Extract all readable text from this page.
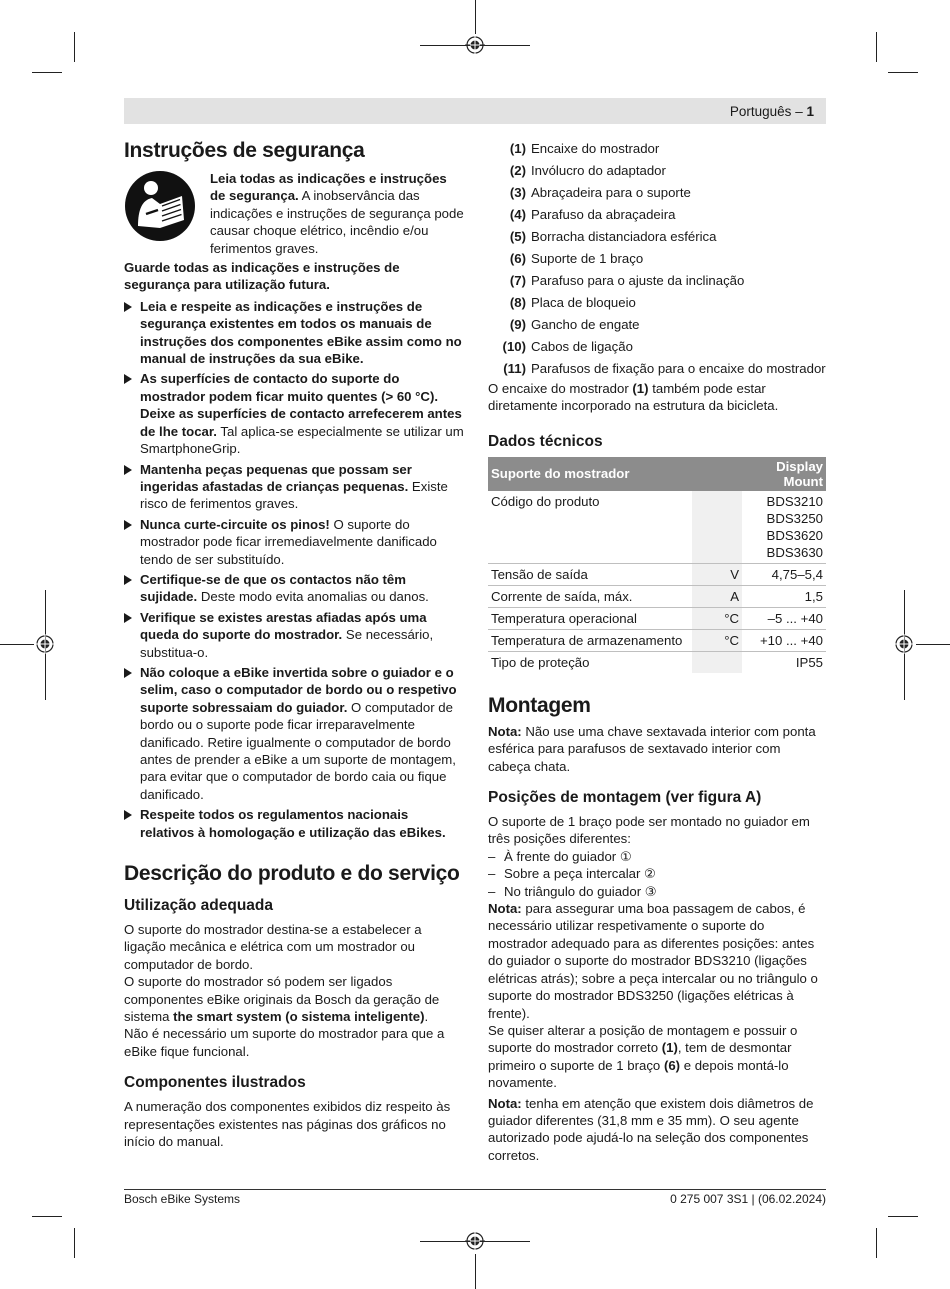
Português – 1
Instruções de segurança

Leia todas as indicações e instruções de segurança. A inobservância das indicações e instruções de segurança pode causar choque elétrico, incêndio e/ou ferimentos graves.

Guarde todas as indicações e instruções de segurança para utilização futura.

Leia e respeite as indicações e instruções de segurança existentes em todos os manuais de instruções dos componentes eBike assim como no manual de instruções da sua eBike.
As superfícies de contacto do suporte do mostrador podem ficar muito quentes (> 60 °C). Deixe as superfícies de contacto arrefecerem antes de lhe tocar. Tal aplica-se especialmente se utilizar um SmartphoneGrip.
Mantenha peças pequenas que possam ser ingeridas afastadas de crianças pequenas. Existe risco de ferimentos graves.
Nunca curte-circuite os pinos! O suporte do mostrador pode ficar irremediavelmente danificado tendo de ser substituído.
Certifique-se de que os contactos não têm sujidade. Deste modo evita anomalias ou danos.
Verifique se existes arestas afiadas após uma queda do suporte do mostrador. Se necessário, substitua-o.
Não coloque a eBike invertida sobre o guiador e o selim, caso o computador de bordo ou o respetivo suporte sobressaiam do guiador. O computador de bordo ou o suporte pode ficar irreparavelmente danificado. Retire igualmente o computador de bordo antes de prender a eBike a um suporte de montagem, para evitar que o computador de bordo caia ou fique danificado.
Respeite todos os regulamentos nacionais relativos à homologação e utilização das eBikes.
Descrição do produto e do serviço
Utilização adequada

O suporte do mostrador destina-se a estabelecer a ligação mecânica e elétrica com um mostrador ou computador de bordo.

O suporte do mostrador só podem ser ligados componentes eBike originais da Bosch da geração de sistema the smart system (o sistema inteligente).

Não é necessário um suporte do mostrador para que a eBike fique funcional.

Componentes ilustrados

A numeração dos componentes exibidos diz respeito às representações existentes nas páginas dos gráficos no início do manual.

(1) Encaixe do mostrador
(2) Invólucro do adaptador
(3) Abraçadeira para o suporte
(4) Parafuso da abraçadeira
(5) Borracha distanciadora esférica
(6) Suporte de 1 braço
(7) Parafuso para o ajuste da inclinação
(8) Placa de bloqueio
(9) Gancho de engate
(10) Cabos de ligação
(11) Parafusos de fixação para o encaixe do mostrador

O encaixe do mostrador (1) também pode estar diretamente incorporado na estrutura da bicicleta.

Dados técnicos
Suporte do mostrador		Display Mount
Código do produto		BDS3210
BDS3250
BDS3620
BDS3630

Tensão de saída	V	4,75–5,4
Corrente de saída, máx.	A	1,5
Temperatura operacional	°C	–5 ... +40
Temperatura de armazenamento	°C	+10 ... +40
Tipo de proteção		IP55
Montagem

Nota: Não use uma chave sextavada interior com ponta esférica para parafusos de sextavado interior com cabeça chata.

Posições de montagem (ver figura A)

O suporte de 1 braço pode ser montado no guiador em três posições diferentes:

– À frente do guiador ①
– Sobre a peça intercalar ②
– No triângulo do guiador ③

Nota: para assegurar uma boa passagem de cabos, é necessário utilizar respetivamente o suporte do mostrador adequado para as diferentes posições: antes do guiador o suporte do mostrador BDS3210 (ligações elétricas atrás); sobre a peça intercalar ou no triângulo o suporte do mostrador BDS3250 (ligações elétricas à frente).

Se quiser alterar a posição de montagem e possuir o suporte do mostrador correto (1), tem de desmontar primeiro o suporte de 1 braço (6) e depois montá-lo novamente.

Nota: tenha em atenção que existem dois diâmetros de guiador diferentes (31,8 mm e 35 mm). O seu agente autorizado pode ajudá-lo na seleção dos componentes corretos.

Bosch eBike Systems	0 275 007 3S1 | (06.02.2024)
